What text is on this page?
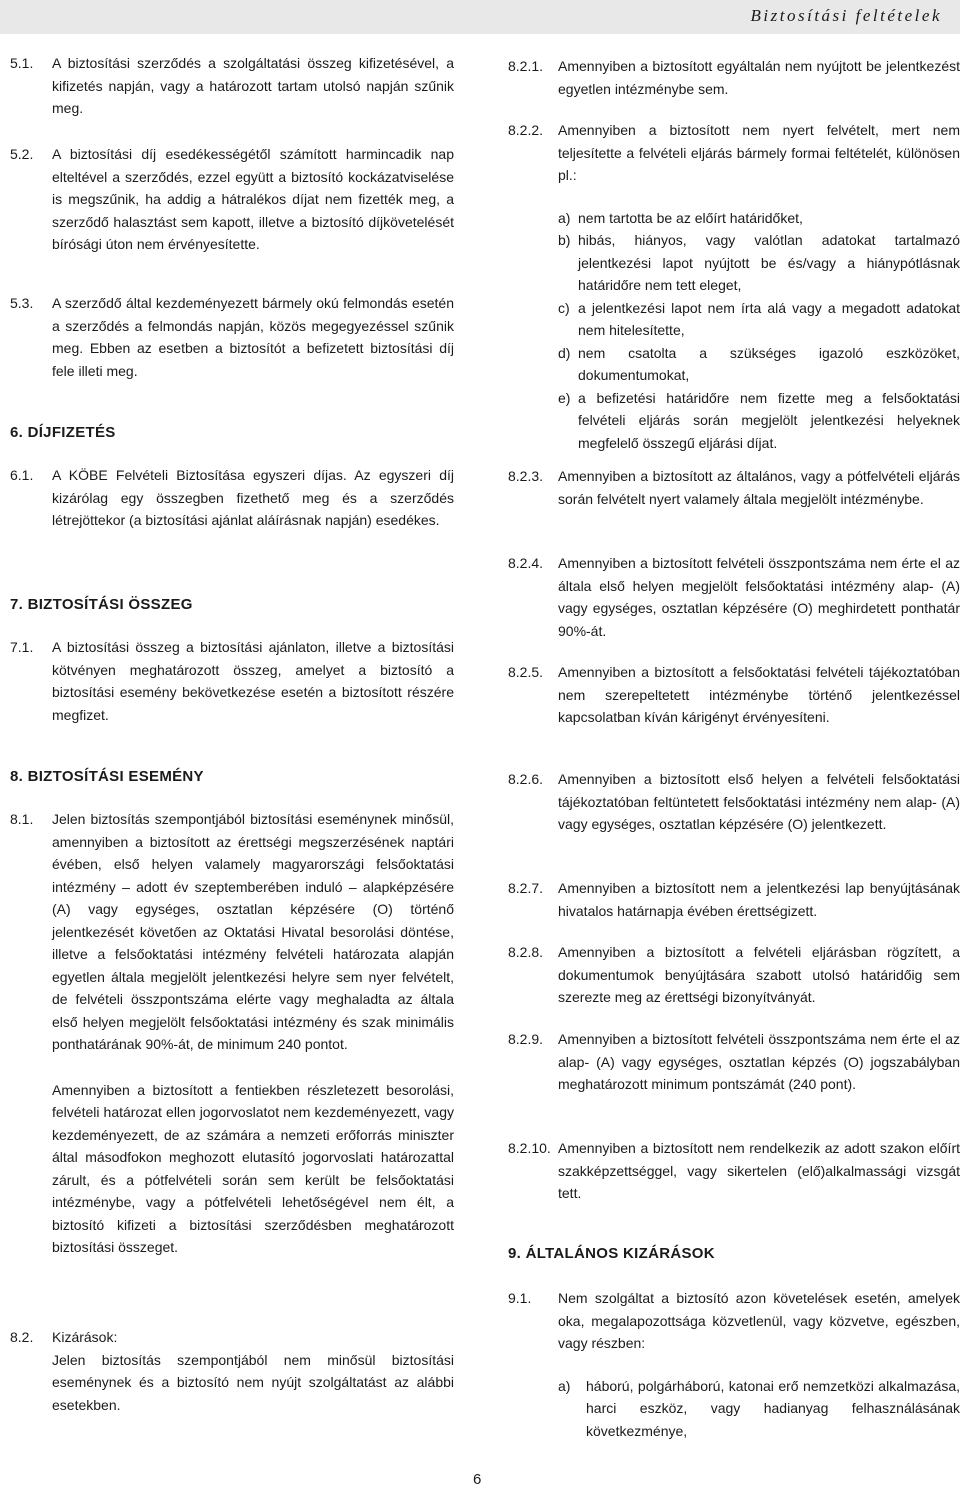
Biztosítási feltételek
5.1. A biztosítási szerződés a szolgáltatási összeg kifizetésével, a kifizetés napján, vagy a határozott tartam utolsó napján szűnik meg.
5.2. A biztosítási díj esedékességétől számított harmincadik nap elteltével a szerződés, ezzel együtt a biztosító kockázatviselése is megszűnik, ha addig a hátralékos díjat nem fizették meg, a szerződő halasztást sem kapott, illetve a biztosító díjkövetelését bírósági úton nem érvényesítette.
5.3. A szerződő által kezdeményezett bármely okú felmondás esetén a szerződés a felmondás napján, közös megegyezéssel szűnik meg. Ebben az esetben a biztosítót a befizetett biztosítási díj fele illeti meg.
6. DÍJFIZETÉS
6.1. A KÖBE Felvételi Biztosítása egyszeri díjas. Az egyszeri díj kizárólag egy összegben fizethető meg és a szerződés létrejöttekor (a biztosítási ajánlat aláírásnak napján) esedékes.
7. BIZTOSÍTÁSI ÖSSZEG
7.1. A biztosítási összeg a biztosítási ajánlaton, illetve a biztosítási kötvényen meghatározott összeg, amelyet a biztosító a biztosítási esemény bekövetkezése esetén a biztosított részére megfizet.
8. BIZTOSÍTÁSI ESEMÉNY
8.1. Jelen biztosítás szempontjából biztosítási eseménynek minősül, amennyiben a biztosított az érettségi megszerzésének naptári évében, első helyen valamely magyarországi felsőoktatási intézmény – adott év szeptemberében induló – alapképzésére (A) vagy egységes, osztatlan képzésére (O) történő jelentkezését követően az Oktatási Hivatal besorolási döntése, illetve a felsőoktatási intézmény felvételi határozata alapján egyetlen általa megjelölt jelentkezési helyre sem nyer felvételt, de felvételi összpontszáma elérte vagy meghaladta az általa első helyen megjelölt felsőoktatási intézmény és szak minimális ponthatárának 90%-át, de minimum 240 pontot.
Amennyiben a biztosított a fentiekben részletezett besorolási, felvételi határozat ellen jogorvoslatot nem kezdeményezett, vagy kezdeményezett, de az számára a nemzeti erőforrás miniszter által másodfokon meghozott elutasító jogorvoslati határozattal zárult, és a pótfelvételi során sem került be felsőoktatási intézménybe, vagy a pótfelvételi lehetőségével nem élt, a biztosító kifizeti a biztosítási szerződésben meghatározott biztosítási összeget.
8.2. Kizárások:
Jelen biztosítás szempontjából nem minősül biztosítási eseménynek és a biztosító nem nyújt szolgáltatást az alábbi esetekben.
8.2.1. Amennyiben a biztosított egyáltalán nem nyújtott be jelentkezést egyetlen intézménybe sem.
8.2.2. Amennyiben a biztosított nem nyert felvételt, mert nem teljesítette a felvételi eljárás bármely formai feltételét, különösen pl.:
a) nem tartotta be az előírt határidőket,
b) hibás, hiányos, vagy valótlan adatokat tartalmazó jelentkezési lapot nyújtott be és/vagy a hiánypótlásnak határidőre nem tett eleget,
c) a jelentkezési lapot nem írta alá vagy a megadott adatokat nem hitelesítette,
d) nem csatolta a szükséges igazoló eszközöket, dokumentumokat,
e) a befizetési határidőre nem fizette meg a felsőoktatási felvételi eljárás során megjelölt jelentkezési helyeknek megfelelő összegű eljárási díjat.
8.2.3. Amennyiben a biztosított az általános, vagy a pótfelvételi eljárás során felvételt nyert valamely általa megjelölt intézménybe.
8.2.4. Amennyiben a biztosított felvételi összpontszáma nem érte el az általa első helyen megjelölt felsőoktatási intézmény alap- (A) vagy egységes, osztatlan képzésére (O) meghirdetett ponthatár 90%-át.
8.2.5. Amennyiben a biztosított a felsőoktatási felvételi tájékoztatóban nem szerepeltetett intézménybe történő jelentkezéssel kapcsolatban kíván kárigényt érvényesíteni.
8.2.6. Amennyiben a biztosított első helyen a felvételi felsőoktatási tájékoztatóban feltüntetett felsőoktatási intézmény nem alap- (A) vagy egységes, osztatlan képzésére (O) jelentkezett.
8.2.7. Amennyiben a biztosított nem a jelentkezési lap benyújtásának hivatalos határnapja évében érettségizett.
8.2.8. Amennyiben a biztosított a felvételi eljárásban rögzített, a dokumentumok benyújtására szabott utolsó határidőig sem szerezte meg az érettségi bizonyítványát.
8.2.9. Amennyiben a biztosított felvételi összpontszáma nem érte el az alap- (A) vagy egységes, osztatlan képzés (O) jogszabályban meghatározott minimum pontszámát (240 pont).
8.2.10. Amennyiben a biztosított nem rendelkezik az adott szakon előírt szakképzettséggel, vagy sikertelen (elő)alkalmassági vizsgát tett.
9. ÁLTALÁNOS KIZÁRÁSOK
9.1. Nem szolgáltat a biztosító azon követelések esetén, amelyek oka, megalapozottsága közvetlenül, vagy közvetve, egészben, vagy részben:
a) háború, polgárháború, katonai erő nemzetközi alkalmazása, harci eszköz, vagy hadianyag felhasználásának következménye,
6
